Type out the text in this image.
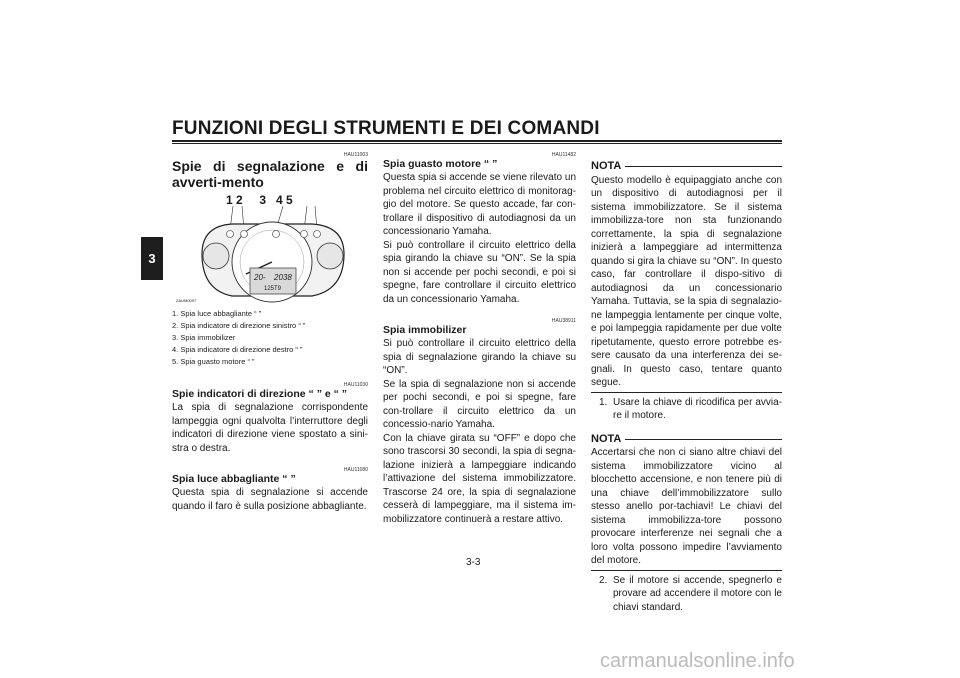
FUNZIONI DEGLI STRUMENTI E DEI COMANDI
3
HAU11003
Spie di segnalazione e di avverti-mento
1 2     3   4 5
20- 2038
125T9
ZAUM0097
1. Spia luce abbagliante “ ”
2. Spia indicatore di direzione sinistro “ ”
3. Spia immobilizer
4. Spia indicatore di direzione destro “ ”
5. Spia guasto motore “ ”
HAU11030
Spie indicatori di direzione “ ” e “ ”

La spia di segnalazione corrispondente lampeggia ogni qualvolta l’interruttore degli indicatori di direzione viene spostato a sini-stra o destra.

HAU11080
Spia luce abbagliante “ ”

Questa spia di segnalazione si accende quando il faro è sulla posizione abbagliante.

HAU11482
Spia guasto motore “ ”

Questa spia si accende se viene rilevato un problema nel circuito elettrico di monitorag-gio del motore. Se questo accade, far con-trollare il dispositivo di autodiagnosi da un concessionario Yamaha.

Si può controllare il circuito elettrico della spia girando la chiave su “ON”. Se la spia non si accende per pochi secondi, e poi si spegne, fare controllare il circuito elettrico da un concessionario Yamaha.

HAU38911
Spia immobilizer

Si può controllare il circuito elettrico della spia di segnalazione girando la chiave su “ON”.

Se la spia di segnalazione non si accende per pochi secondi, e poi si spegne, fare con-trollare il circuito elettrico da un concessio-nario Yamaha.

Con la chiave girata su “OFF” e dopo che sono trascorsi 30 secondi, la spia di segna-lazione inizierà a lampeggiare indicando l’attivazione del sistema immobilizzatore. Trascorse 24 ore, la spia di segnalazione cesserà di lampeggiare, ma il sistema im-mobilizzatore continuerà a restare attivo.

NOTA

Questo modello è equipaggiato anche con un dispositivo di autodiagnosi per il sistema immobilizzatore. Se il sistema immobilizza-tore non sta funzionando correttamente, la spia di segnalazione inizierà a lampeggiare ad intermittenza quando si gira la chiave su “ON”. In questo caso, far controllare il dispo-sitivo di autodiagnosi da un concessionario Yamaha. Tuttavia, se la spia di segnalazio-ne lampeggia lentamente per cinque volte, e poi lampeggia rapidamente per due volte ripetutamente, questo errore potrebbe es-sere causato da una interferenza dei se-gnali. In questo caso, tentare quanto segue.

1. Usare la chiave di ricodifica per avvia-re il motore.
NOTA

Accertarsi che non ci siano altre chiavi del sistema immobilizzatore vicino al blocchetto accensione, e non tenere più di una chiave dell’immobilizzatore sullo stesso anello por-tachiavi! Le chiavi del sistema immobilizza-tore possono provocare interferenze nei segnali che a loro volta possono impedire l’avviamento del motore.

2. Se il motore si accende, spegnerlo e provare ad accendere il motore con le chiavi standard.
3-3
carmanualsonline.info
